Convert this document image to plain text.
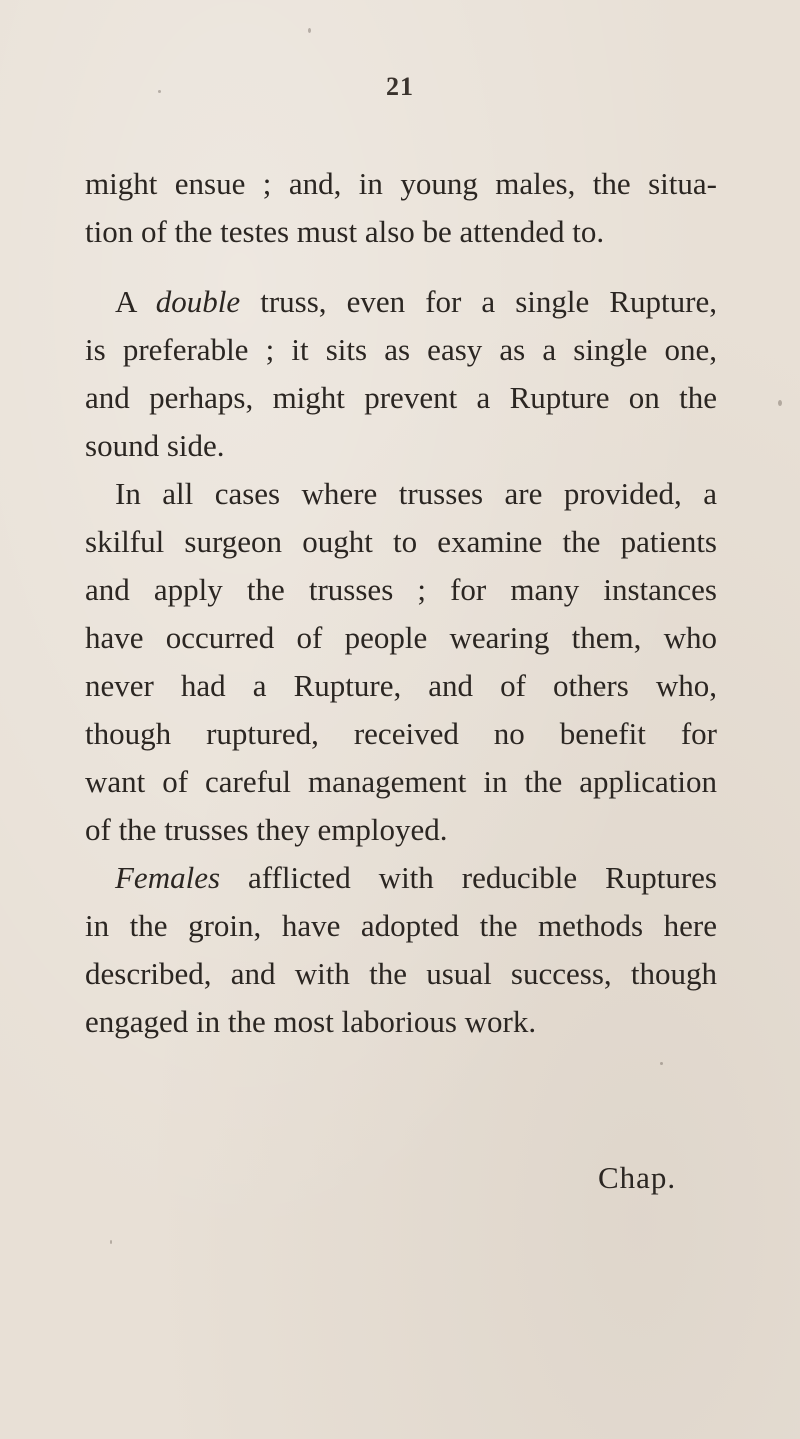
21
might ensue ; and, in young males, the situa-
tion of the testes must also be attended to.
A double truss, even for a single Rupture,
is preferable ; it sits as easy as a single one,
and perhaps, might prevent a Rupture on the
sound side.
In all cases where trusses are provided, a
skilful surgeon ought to examine the patients
and apply the trusses ; for many instances
have occurred of people wearing them, who
never had a Rupture, and of others who,
though ruptured, received no benefit for
want of careful management in the application
of the trusses they employed.
Females afflicted with reducible Ruptures
in the groin, have adopted the methods here
described, and with the usual success, though
engaged in the most laborious work.
Chap.
